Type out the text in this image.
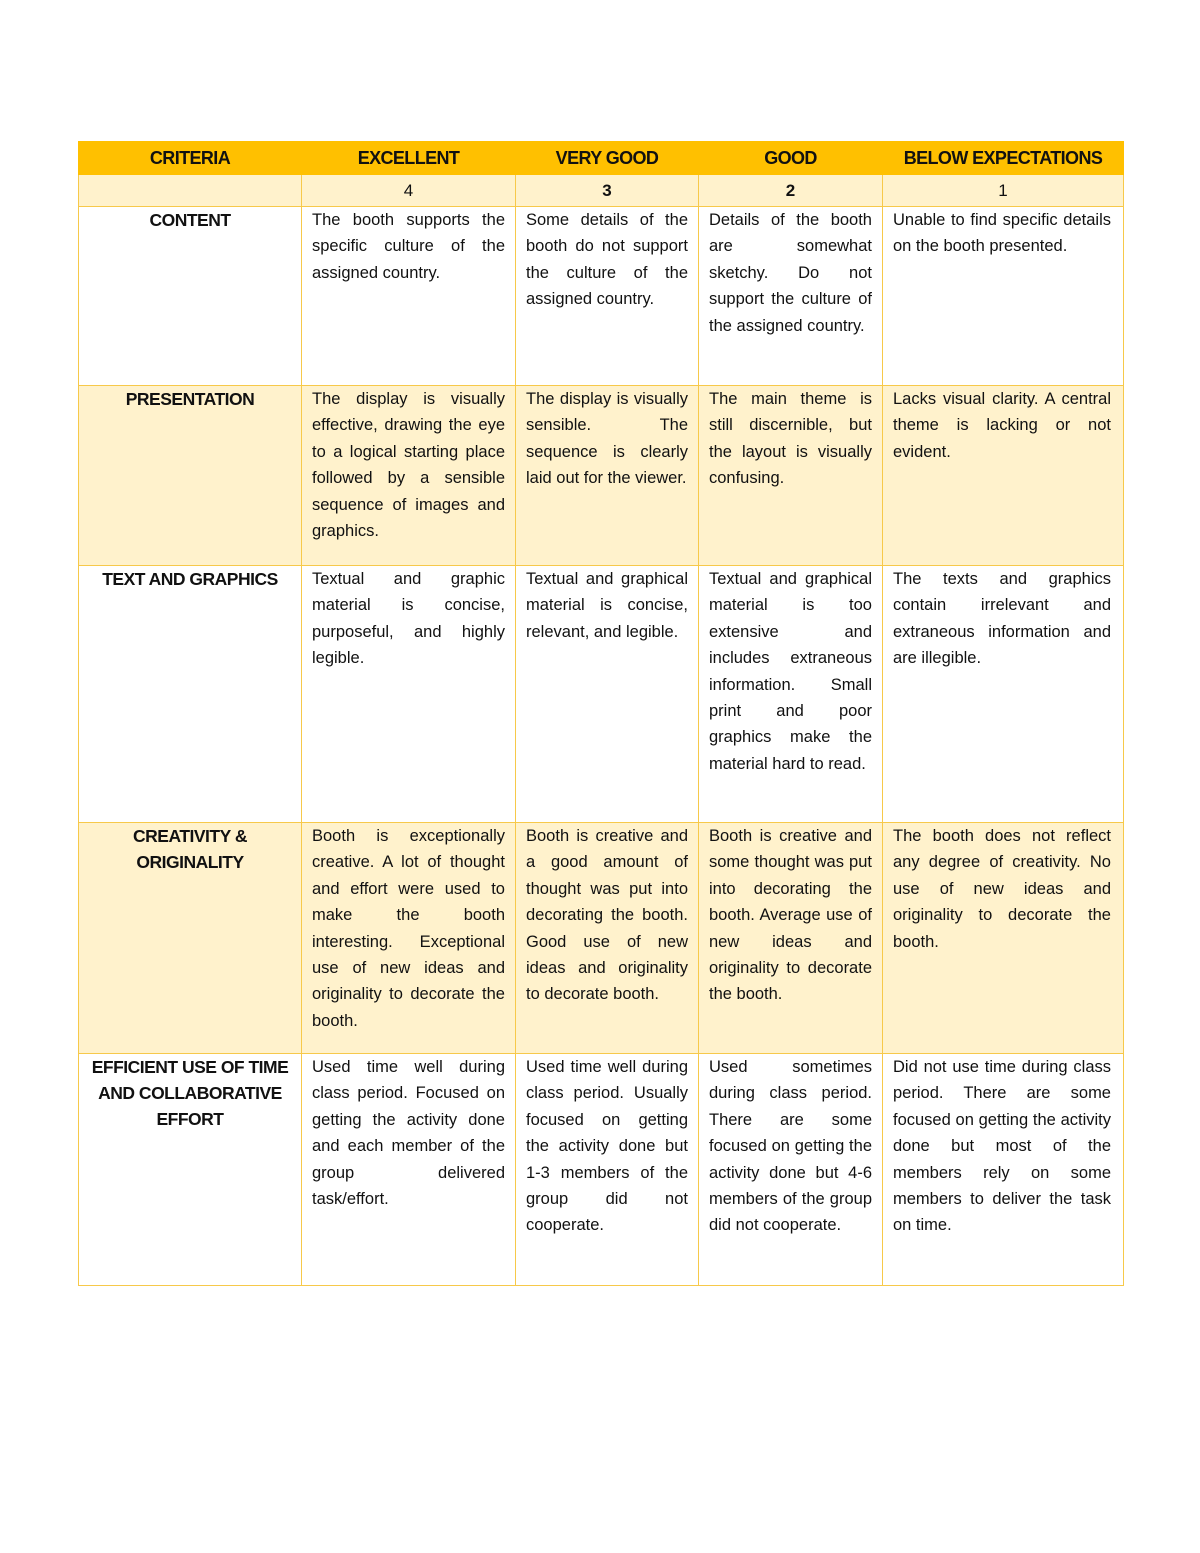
CRITERIA	EXCELLENT	VERY GOOD	GOOD	BELOW EXPECTATIONS
	4	3	2	1
CONTENT	The booth supports the specific culture of the assigned country.	Some details of the booth do not support the culture of the assigned country.	Details of the booth are somewhat sketchy. Do not support the culture of the assigned country.	Unable to find specific details on the booth presented.
PRESENTATION	The display is visually effective, drawing the eye to a logical starting place followed by a sensible sequence of images and graphics.	The display is visually sensible. The sequence is clearly laid out for the viewer.	The main theme is still discernible, but the layout is visually confusing.	Lacks visual clarity. A central theme is lacking or not evident.
TEXT AND GRAPHICS	Textual and graphic material is concise, purposeful, and highly legible.	Textual and graphical material is concise, relevant, and legible.	Textual and graphical material is too extensive and includes extraneous information. Small print and poor graphics make the material hard to read.	The texts and graphics contain irrelevant and extraneous information and are illegible.
CREATIVITY & ORIGINALITY	Booth is exceptionally creative. A lot of thought and effort were used to make the booth interesting. Exceptional use of new ideas and originality to decorate the booth.	Booth is creative and a good amount of thought was put into decorating the booth. Good use of new ideas and originality to decorate booth.	Booth is creative and some thought was put into decorating the booth. Average use of new ideas and originality to decorate the booth.	The booth does not reflect any degree of creativity. No use of new ideas and originality to decorate the booth.
EFFICIENT USE OF TIME AND COLLABORATIVE EFFORT	Used time well during class period. Focused on getting the activity done and each member of the group delivered task/effort.	Used time well during class period. Usually focused on getting the activity done but 1-3 members of the group did not cooperate.	Used sometimes during class period. There are some focused on getting the activity done but 4-6 members of the group did not cooperate.	Did not use time during class period. There are some focused on getting the activity done but most of the members rely on some members to deliver the task on time.
